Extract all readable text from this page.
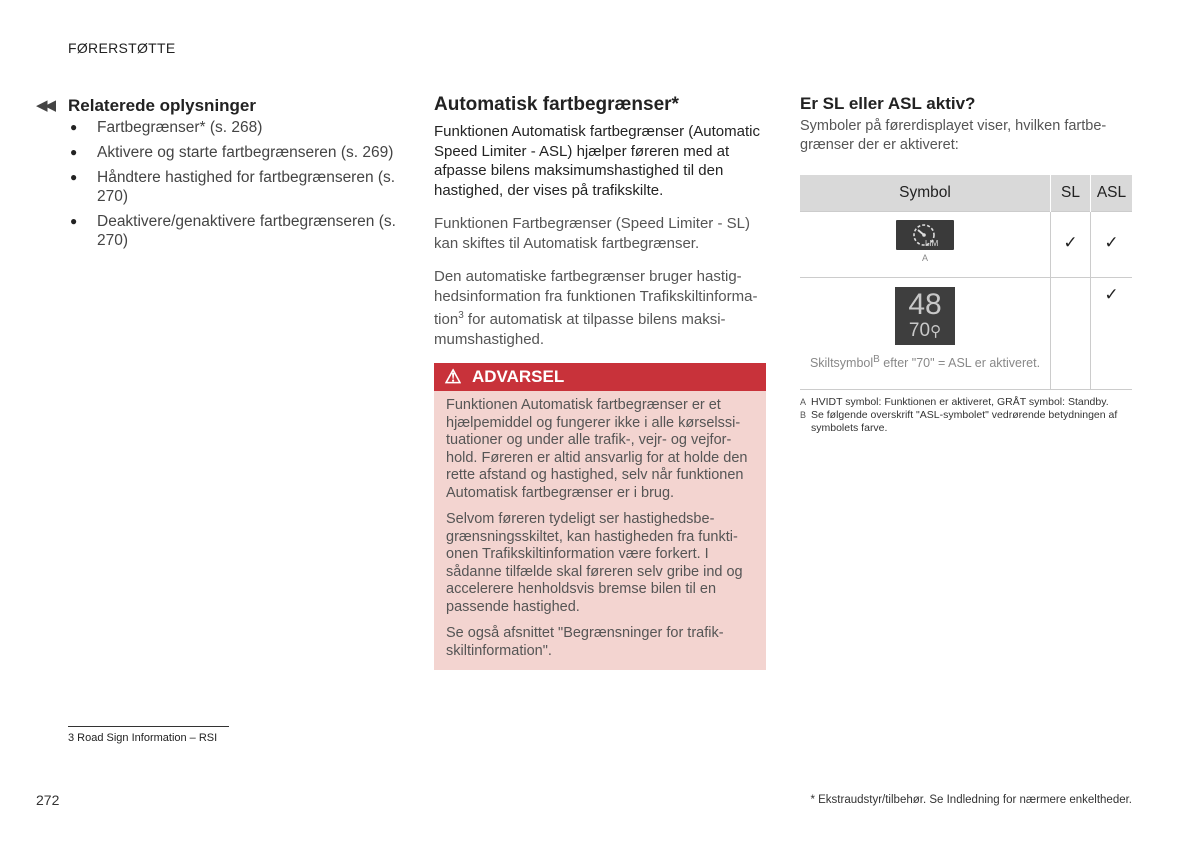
FØRERSTØTTE
◀◀ Relaterede oplysninger
● Fartbegrænser* (s. 268)
● Aktivere og starte fartbegrænseren (s. 269)
● Håndtere hastighed for fartbegrænseren (s. 270)
● Deaktivere/genaktivere fartbegrænseren (s. 270)
Automatisk fartbegrænser*

Funktionen Automatisk fartbegrænser (Automatic Speed Limiter - ASL) hjælper føreren med at afpasse bilens maksimumshastighed til den hastighed, der vises på trafikskilte.

Funktionen Fartbegrænser (Speed Limiter - SL) kan skiftes til Automatisk fartbegrænser.

Den automatiske fartbegrænser bruger hastighedsinformation fra funktionen Trafikskiltinformation$^3$ for automatisk at tilpasse bilens maksimumshastighed.

⚠ ADVARSEL

Funktionen Automatisk fartbegrænser er et hjælpemiddel og fungerer ikke i alle kørselssituationer og under alle trafik-, vejr- og vejforhold. Føreren er altid ansvarlig for at holde den rette afstand og hastighed, selv når funktionen Automatisk fartbegrænser er i brug.

Selvom føreren tydeligt ser hastighedsbegrænsningsskiltet, kan hastigheden fra funktionen Trafikskiltinformation være forkert. I sådanne tilfælde skal føreren selv gribe ind og accelerere henholdsvis bremse bilen til en passende hastighed.

Se også afsnittet "Begrænsninger for trafikskiltinformation".

Er SL eller ASL aktiv?

Symboler på førerdisplayet viser, hvilken fartbegrænser der er aktiveret:

Symbol	SL	ASL

LIM
A	✓	✓

48
70⚲
Skiltsymbol$^B$ efter "70" = ASL er aktiveret.		✓
A HVIDT symbol: Funktionen er aktiveret, GRÅT symbol: Standby.
B Se følgende overskrift "ASL-symbolet" vedrørende betydningen af symbolets farve.
3 Road Sign Information – RSI
272	* Ekstraudstyr/tilbehør. Se Indledning for nærmere enkeltheder.
